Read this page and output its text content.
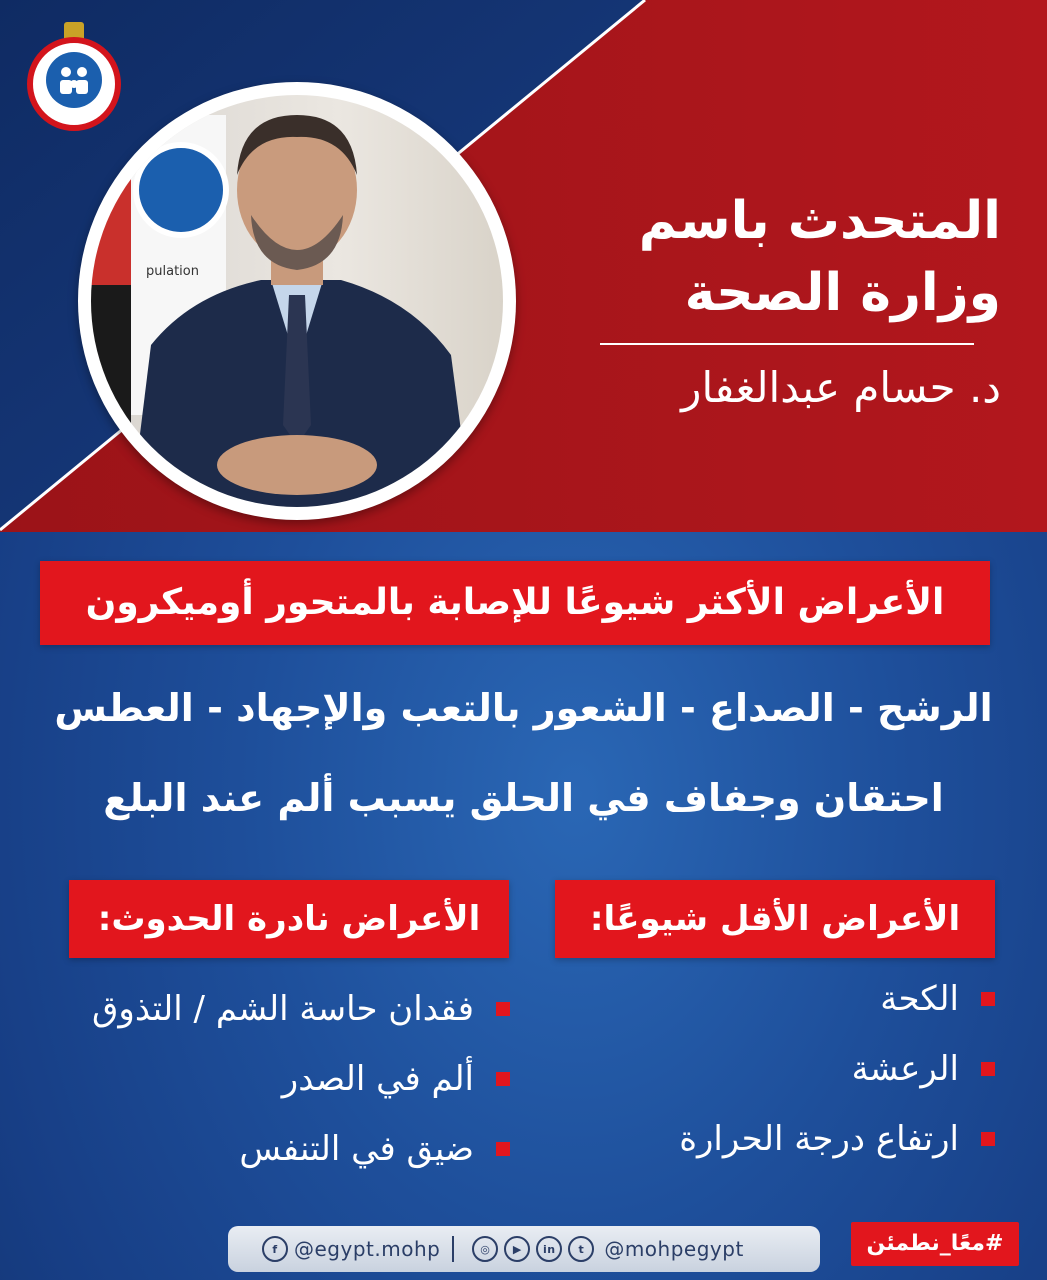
pulation
المتحدث باسم
وزارة الصحة
د. حسام عبدالغفار
الأعراض الأكثر شيوعًا للإصابة بالمتحور أوميكرون
الرشح - الصداع - الشعور بالتعب والإجهاد - العطس
احتقان وجفاف في الحلق يسبب ألم عند البلع
الأعراض الأقل شيوعًا:
الأعراض نادرة الحدوث:
الكحة
الرعشة
ارتفاع درجة الحرارة
فقدان حاسة الشم / التذوق
ألم في الصدر
ضيق في التنفس
f @egypt.mohp	◎	▶	in	t	@mohpegypt	#معًا_نطمئن
